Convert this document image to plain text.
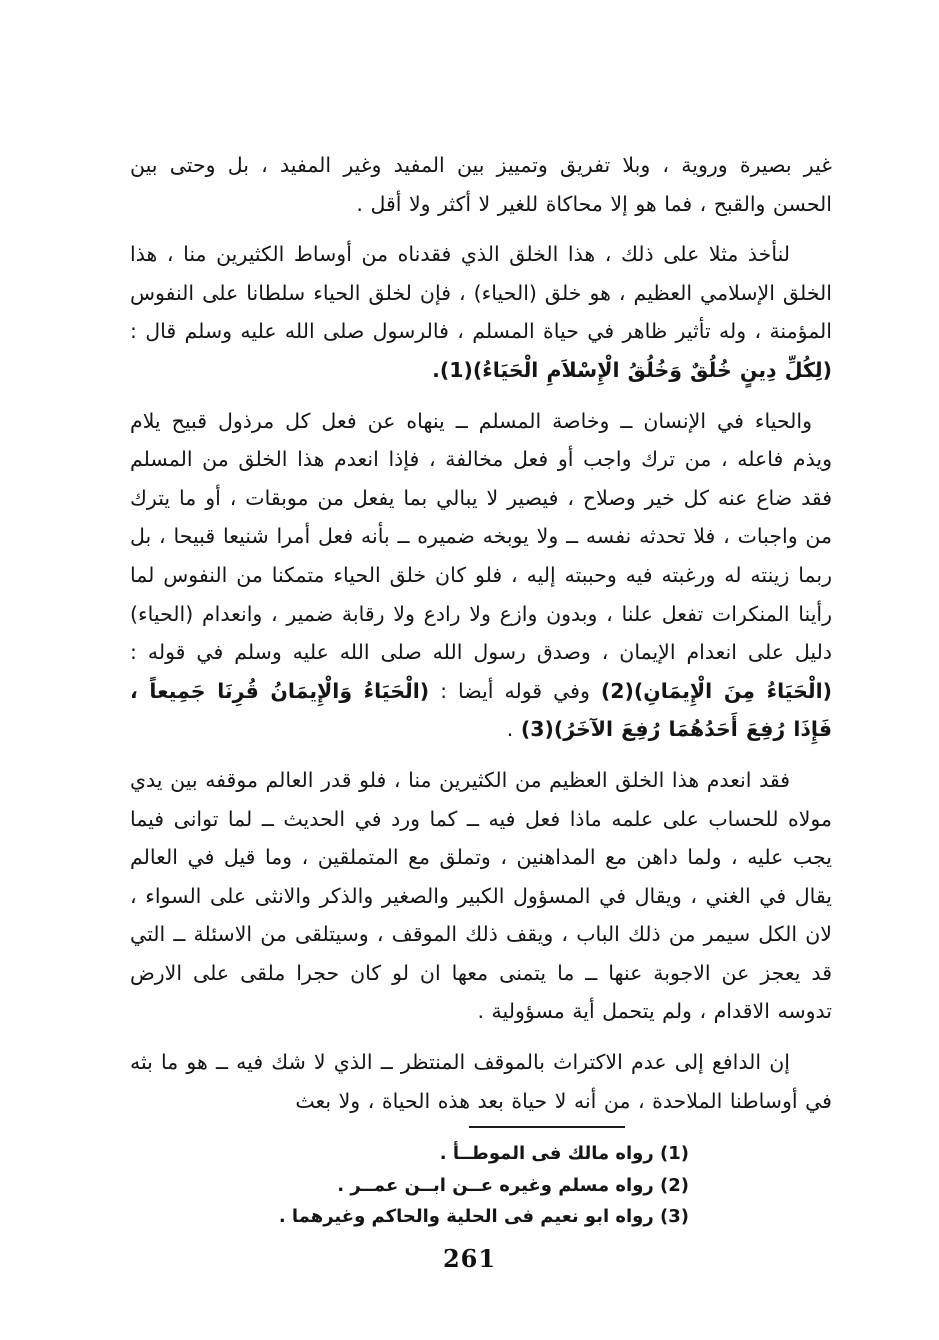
غير بصيرة وروية ، وبلا تفريق وتمييز بين المفيد وغير المفيد ، بل وحتى بين الحسن والقبح ، فما هو إلا محاكاة للغير لا أكثر ولا أقل .

لنأخذ مثلا على ذلك ، هذا الخلق الذي فقدناه من أوساط الكثيرين منا ، هذا الخلق الإسلامي العظيم ، هو خلق (الحياء) ، فإن لخلق الحياء سلطانا على النفوس المؤمنة ، وله تأثير ظاهر في حياة المسلم ، فالرسول صلى الله عليه وسلم قال : (لِكُلِّ دِينٍ خُلُقٌ وَخُلُقُ الْإِسْلاَمِ الْحَيَاءُ)(1).

والحياء في الإنسان ــ وخاصة المسلم ــ ينهاه عن فعل كل مرذول قبيح يلام ويذم فاعله ، من ترك واجب أو فعل مخالفة ، فإذا انعدم هذا الخلق من المسلم فقد ضاع عنه كل خير وصلاح ، فيصير لا يبالي بما يفعل من موبقات ، أو ما يترك من واجبات ، فلا تحدثه نفسه ــ ولا يوبخه ضميره ــ بأنه فعل أمرا شنيعا قبيحا ، بل ربما زينته له ورغبته فيه وحببته إليه ، فلو كان خلق الحياء متمكنا من النفوس لما رأينا المنكرات تفعل علنا ، وبدون وازع ولا رادع ولا رقابة ضمير ، وانعدام (الحياء) دليل على انعدام الإيمان ، وصدق رسول الله صلى الله عليه وسلم في قوله : (الْحَيَاءُ مِنَ الْإِيمَانِ)(2) وفي قوله أيضا : (الْحَيَاءُ وَالْإِيمَانُ قُرِنَا جَمِيعاً ، فَإِذَا رُفِعَ أَحَدُهُمَا رُفِعَ الآخَرُ)(3) .

فقد انعدم هذا الخلق العظيم من الكثيرين منا ، فلو قدر العالم موقفه بين يدي مولاه للحساب على علمه ماذا فعل فيه ــ كما ورد في الحديث ــ لما توانى فيما يجب عليه ، ولما داهن مع المداهنين ، وتملق مع المتملقين ، وما قيل في العالم يقال في الغني ، ويقال في المسؤول الكبير والصغير والذكر والانثى على السواء ، لان الكل سيمر من ذلك الباب ، ويقف ذلك الموقف ، وسيتلقى من الاسئلة ــ التي قد يعجز عن الاجوبة عنها ــ ما يتمنى معها ان لو كان حجرا ملقى على الارض تدوسه الاقدام ، ولم يتحمل أية مسؤولية .

إن الدافع إلى عدم الاكتراث بالموقف المنتظر ــ الذي لا شك فيه ــ هو ما بثه في أوساطنا الملاحدة ، من أنه لا حياة بعد هذه الحياة ، ولا بعث

(1) رواه مالك فى الموطــأ .
(2) رواه مسلم وغيره عــن ابــن عمــر .
(3) رواه ابو نعيم فى الحلية والحاكم وغيرهما .
261
